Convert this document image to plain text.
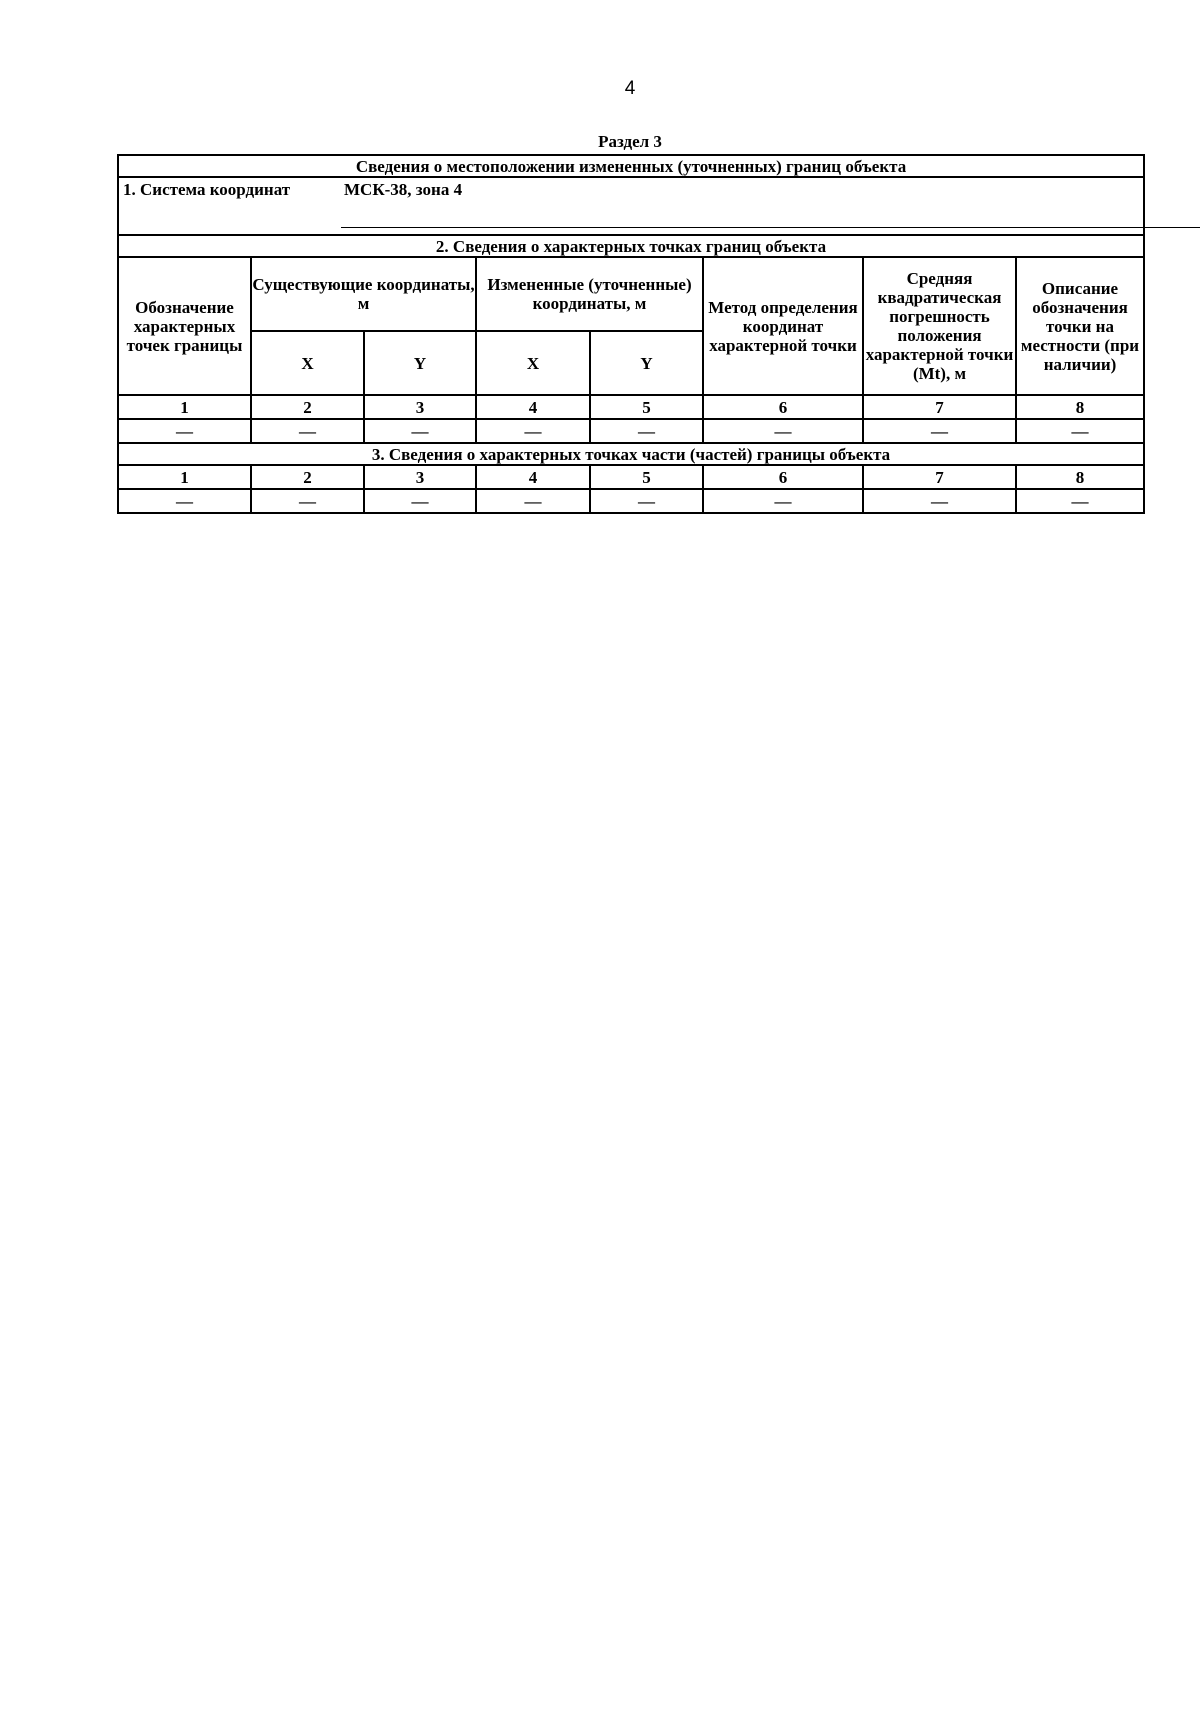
4
Раздел 3
Сведения о местоположении измененных (уточненных) границ объекта							

1. Система координат МСК-38, зона 4							

2. Сведения о характерных точках границ объекта							
Обозначение характерных точек границы	Существующие координаты, м		Измененные (уточненные) координаты, м		Метод определения координат характерной точки	Средняя квадратическая погрешность положения характерной точки (Mt), м	Описание обозначения точки на местности (при наличии)
	X	Y	X	Y			
1	2	3	4	5	6	7	8
—	—	—	—	—	—	—	—
3. Сведения о характерных точках части (частей) границы объекта							
1	2	3	4	5	6	7	8
—	—	—	—	—	—	—	—
